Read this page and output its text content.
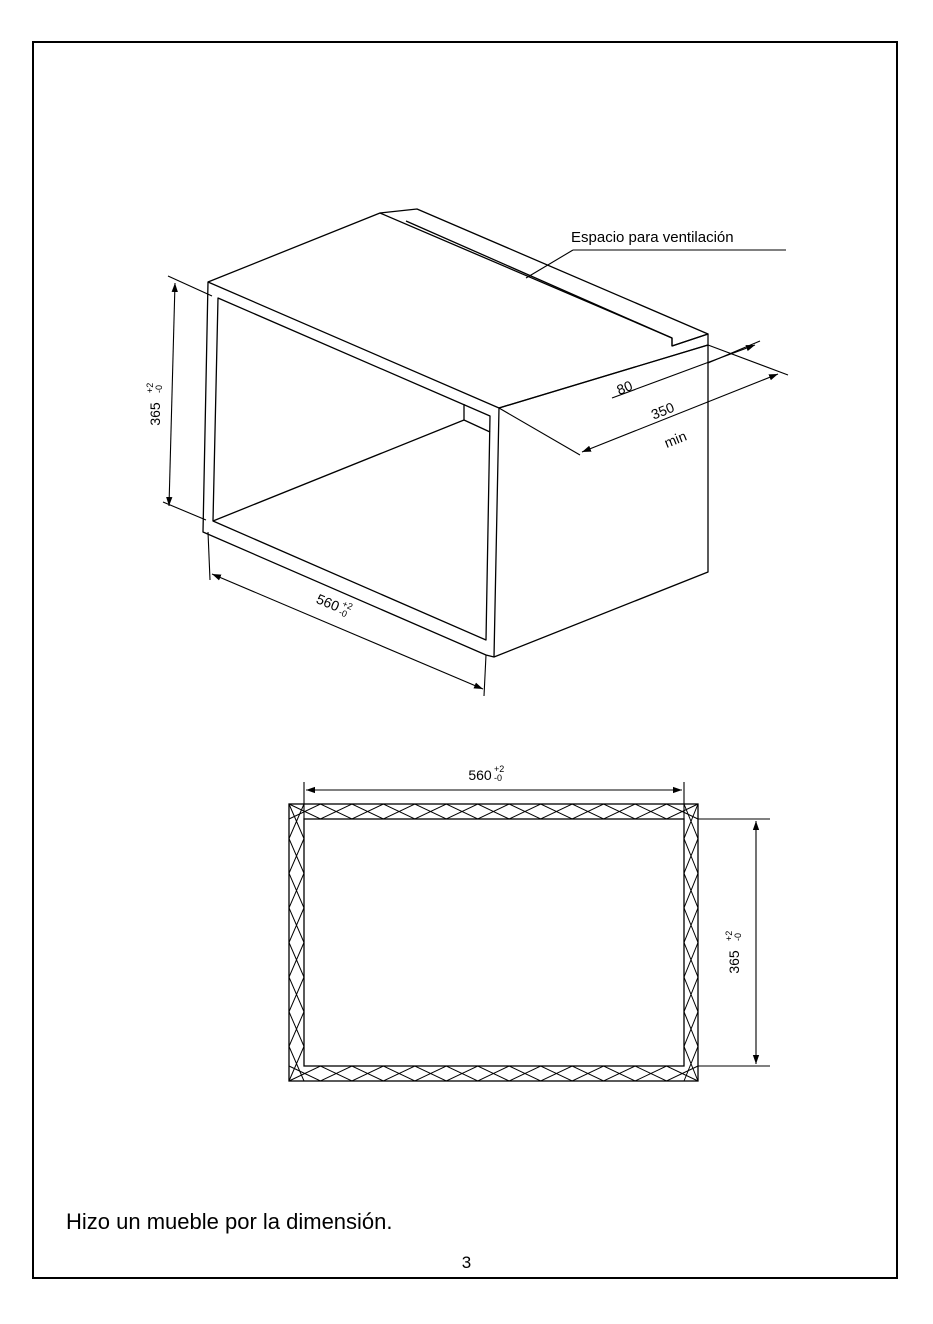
Espacio para ventilación
365
+2 -0
560 +2
-0
80
350
min
560 +2
-0
365
+2 -0
Hizo un mueble por la dimensión.
3
